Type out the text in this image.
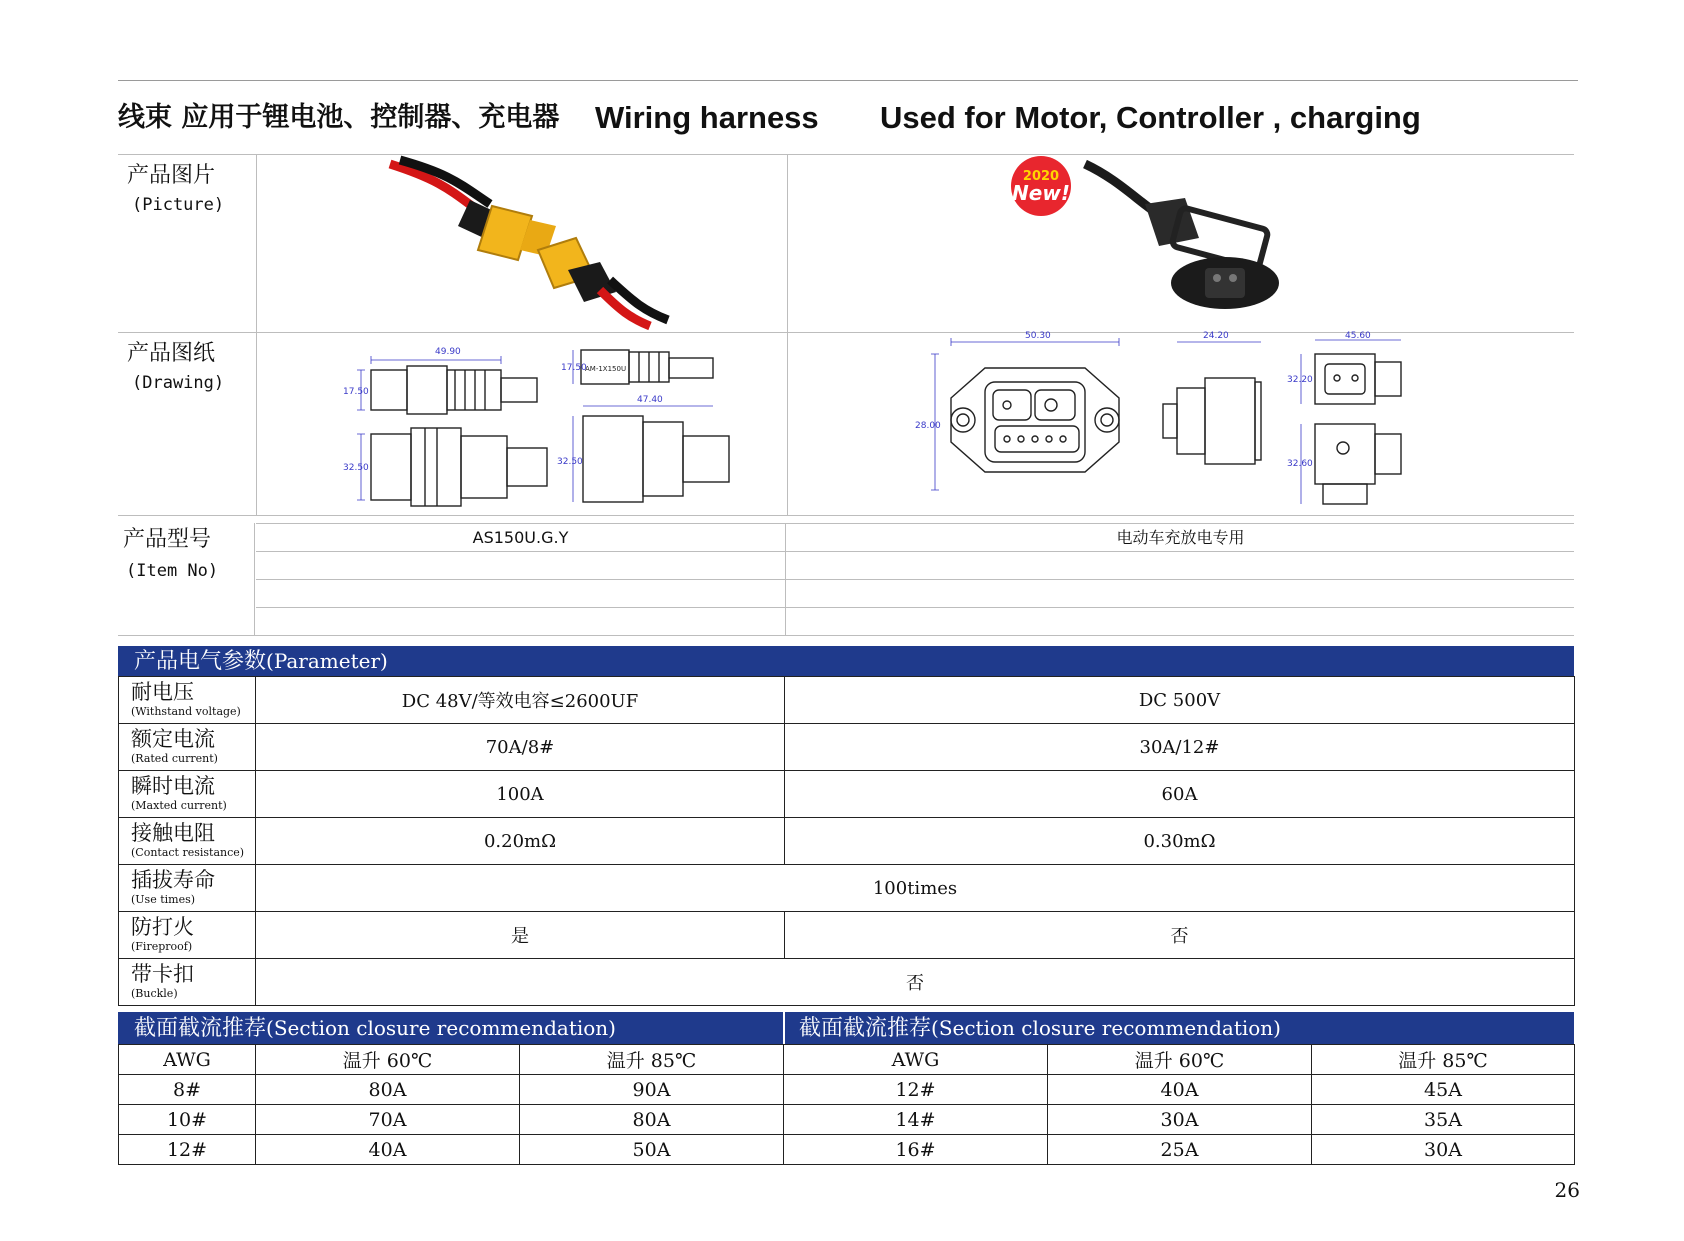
线束 应用于锂电池、控制器、充电器 Wiring harness Used for Motor, Controller , charging
产品图片
(Picture)
产品图纸
(Drawing)
产品型号
(Item No)
2020
New!
49.90
17.50
17.50
32.50
47.40
32.50
AM-1X150U
50.30
28.00
24.20	45.60
32.20
32.60
AS150U.G.Y	电动车充放电专用
产品电气参数(Parameter)
耐电压
(Withstand voltage)	DC 48V/等效电容≤2600UF	DC 500V

额定电流
(Rated current)	70A/8#	30A/12#

瞬时电流
(Maxted current)	100A	60A

接触电阻
(Contact resistance)	0.20mΩ	0.30mΩ

插拔寿命
(Use times)	100times	

防打火
(Fireproof)	是	否

带卡扣
(Buckle)	否	
截面截流推荐(Section closure recommendation)	截面截流推荐(Section closure recommendation)
AWG	温升 60℃	温升 85℃	AWG	温升 60℃	温升 85℃
8#	80A	90A	12#	40A	45A
10#	70A	80A	14#	30A	35A
12#	40A	50A	16#	25A	30A
26
